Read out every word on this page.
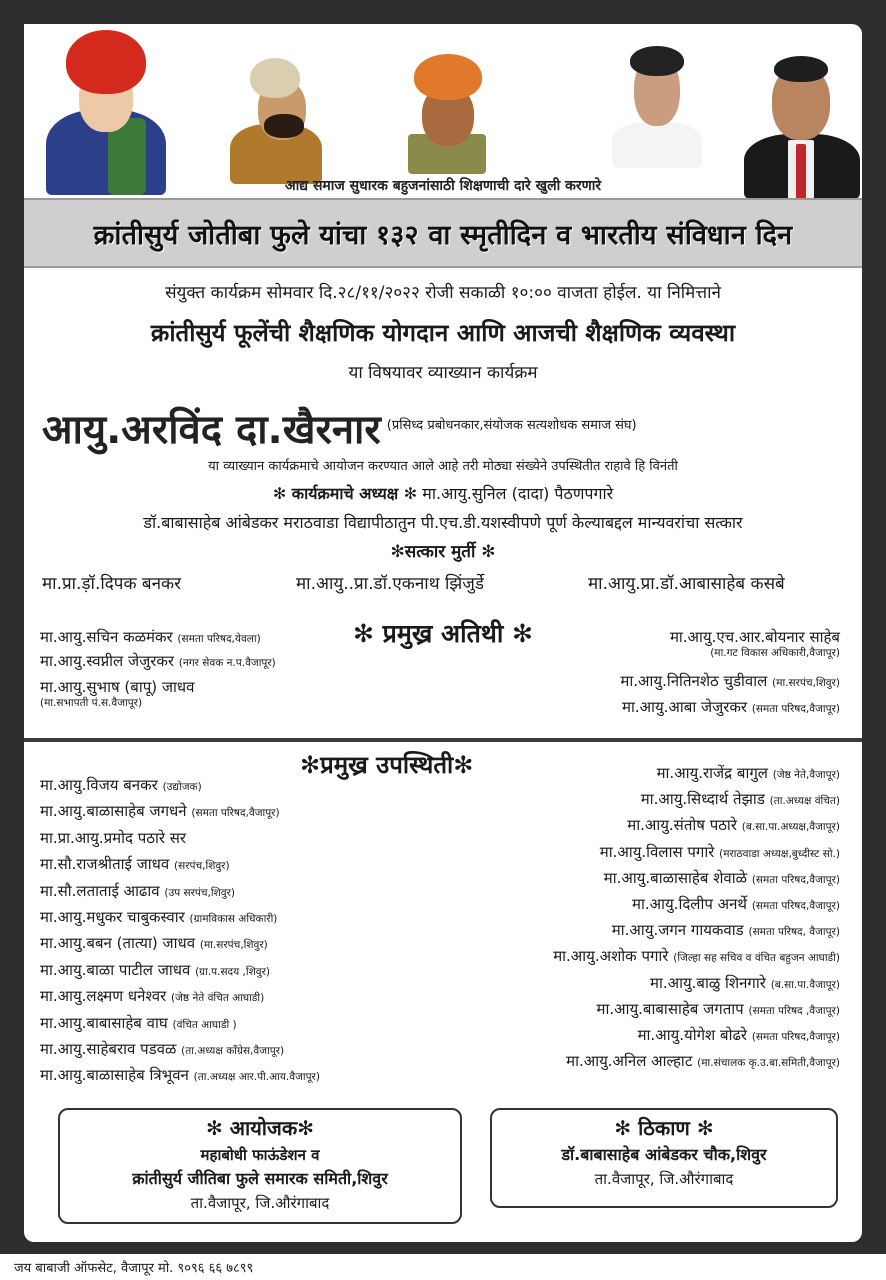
आद्य समाज सुधारक बहुजनांसाठी शिक्षणाची दारे खुली करणारे
क्रांतीसुर्य जोतीबा फुले यांचा १३२ वा स्मृतीदिन व भारतीय संविधान दिन
संयुक्त कार्यक्रम सोमवार दि.२८/११/२०२२ रोजी सकाळी १०:०० वाजता होईल. या निमित्ताने
क्रांतीसुर्य फूलेंची शैक्षणिक योगदान आणि आजची शैक्षणिक व्यवस्था
या विषयावर व्याख्यान कार्यक्रम
आयु.अरविंद दा.खैरनार $^{(प्रसिध्द प्रबोधनकार,संयोजक सत्यशोधक समाज संघ)}$
या व्याख्यान कार्यक्रमाचे आयोजन करण्यात आले आहे तरी मोठ्या संख्येने उपस्थितीत राहावे हि विनंती
✻ कार्यक्रमाचे अध्यक्ष ✻ मा.आयु.सुनिल (दादा) पैठणपगारे
डॉ.बाबासाहेब आंबेडकर मराठवाडा विद्यापीठातुन पी.एच.डी.यशस्वीपणे पूर्ण केल्याबद्दल मान्यवरांचा सत्कार
✻सत्कार मुर्ती ✻
मा.प्रा.ड़ॉ.दिपक बनकर	मा.आयु..प्रा.डॉ.एकनाथ झिंजुर्डे	मा.आयु.प्रा.डॉ.आबासाहेब कसबे
✻ प्रमुख्र अतिथी ✻
मा.आयु.सचिन कळमंकर (समता परिषद,येवला)
मा.आयु.स्वप्नील जेजुरकर (नगर सेवक न.प.वैजापूर)
मा.आयु.सुभाष (बापू) जाधव
(मा.सभापती पं.स.वैजापूर)
मा.आयु.एच.आर.बोयनार साहेब
(मा.गट विकास अधिकारी,वैजापूर)
मा.आयु.नितिनशेठ चुडीवाल (मा.सरपंच,शिवुर)
मा.आयु.आबा जेजुरकर (समता परिषद,वैजापूर)
✻प्रमुख्र उपस्थिती✻
मा.आयु.विजय बनकर (उद्योजक)
मा.आयु.बाळासाहेब जगधने (समता परिषद,वैजापूर)
मा.प्रा.आयु.प्रमोद पठारे सर
मा.सौ.राजश्रीताई जाधव (सरपंच,शिवुर)
मा.सौ.लताताई आढाव (उप सरपंच,शिवुर)
मा.आयु.मधुकर चाबुकस्वार (ग्रामविकास अधिकारी)
मा.आयु.बबन (तात्या) जाधव (मा.सरपंच,शिवुर)
मा.आयु.बाळा पाटील जाधव (ग्रा.प.सदय ,शिवुर)
मा.आयु.लक्ष्मण धनेश्वर (जेष्ठ नेते वंचित आघाडी)
मा.आयु.बाबासाहेब वाघ (वंचित आघाडी )
मा.आयु.साहेबराव पडवळ (ता.अध्यक्ष काँग्रेस,वैजापूर)
मा.आयु.बाळासाहेब त्रिभूवन (ता.अध्यक्ष आर.पी.आय.वैजापूर)
मा.आयु.राजेंद्र बागुल (जेष्ठ नेते,वैजापूर)
मा.आयु.सिध्दार्थ तेझाड (ता.अध्यक्ष वंचित)
मा.आयु.संतोष पठारे (ब.सा.पा.अध्यक्ष,वैजापूर)
मा.आयु.विलास पगारे (मराठवाडा अध्यक्ष,बुध्दीस्ट सो.)
मा.आयु.बाळासाहेब शेवाळे (समता परिषद,वैजापूर)
मा.आयु.दिलीप अनर्थे (समता परिषद,वैजापूर)
मा.आयु.जगन गायकवाड (समता परिषद, वैजापूर)
मा.आयु.अशोक पगारे (जिल्हा सह सचिव व वंचित बहुजन आघाडी)
मा.आयु.बाळु शिनगारे (ब.सा.पा.वैजापूर)
मा.आयु.बाबासाहेब जगताप (समता परिषद ,वैजापूर)
मा.आयु.योगेश बोढरे (समता परिषद,वैजापूर)
मा.आयु.अनिल आल्हाट (मा.संचालक कृ.उ.बा.समिती,वैजापूर)
✻ आयोजक✻
महाबोधी फाऊंडेशन व
क्रांतीसुर्य जीतिबा फुले समारक समिती,शिवुर
ता.वैजापूर, जि.औरंगाबाद
✻ ठिकाण ✻
डॉ.बाबासाहेब आंबेडकर चौक,शिवुर
ता.वैजापूर, जि.औरंगाबाद
जय बाबाजी ऑफसेट, वैजापूर मो. ९०९६ ६६ ७८९९
